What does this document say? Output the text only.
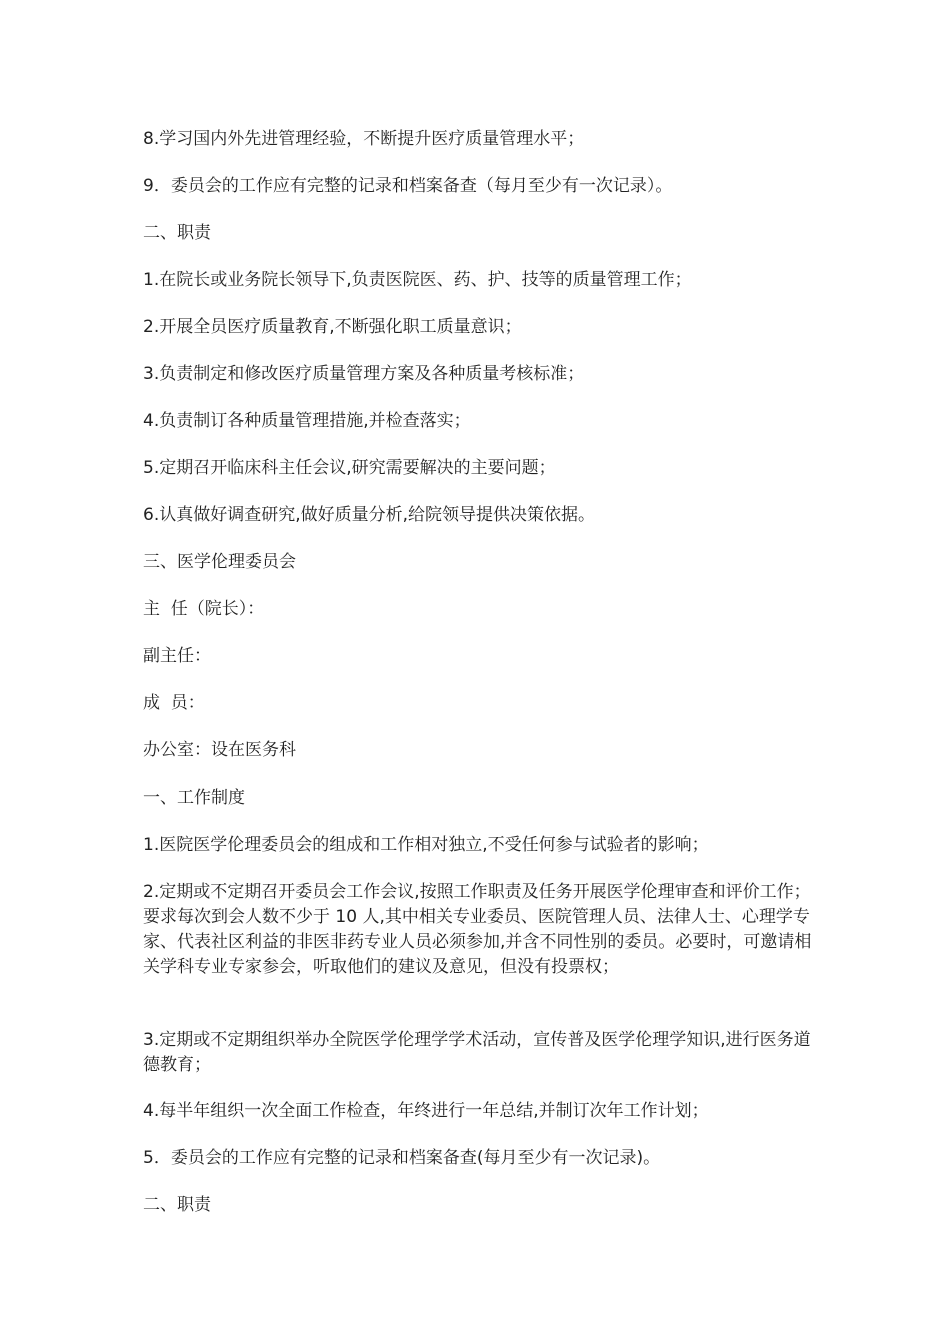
8.学习国内外先进管理经验，不断提升医疗质量管理水平；

9．委员会的工作应有完整的记录和档案备查（每月至少有一次记录）。

二、职责

1.在院长或业务院长领导下,负责医院医、药、护、技等的质量管理工作；

2.开展全员医疗质量教育,不断强化职工质量意识；

3.负责制定和修改医疗质量管理方案及各种质量考核标准；

4.负责制订各种质量管理措施,并检查落实；

5.定期召开临床科主任会议,研究需要解决的主要问题；

6.认真做好调查研究,做好质量分析,给院领导提供决策依据。

三、医学伦理委员会

主  任（院长）：

副主任：

成  员：

办公室：设在医务科

一、工作制度

1.医院医学伦理委员会的组成和工作相对独立,不受任何参与试验者的影响；

2.定期或不定期召开委员会工作会议,按照工作职责及任务开展医学伦理审查和评价工作；要求每次到会人数不少于 10 人,其中相关专业委员、医院管理人员、法律人士、心理学专家、代表社区利益的非医非药专业人员必须参加,并含不同性别的委员。必要时，可邀请相关学科专业专家参会，听取他们的建议及意见，但没有投票权；

3.定期或不定期组织举办全院医学伦理学学术活动，宣传普及医学伦理学知识,进行医务道德教育；

4.每半年组织一次全面工作检查，年终进行一年总结,并制订次年工作计划；

5．委员会的工作应有完整的记录和档案备查(每月至少有一次记录)。

二、职责
